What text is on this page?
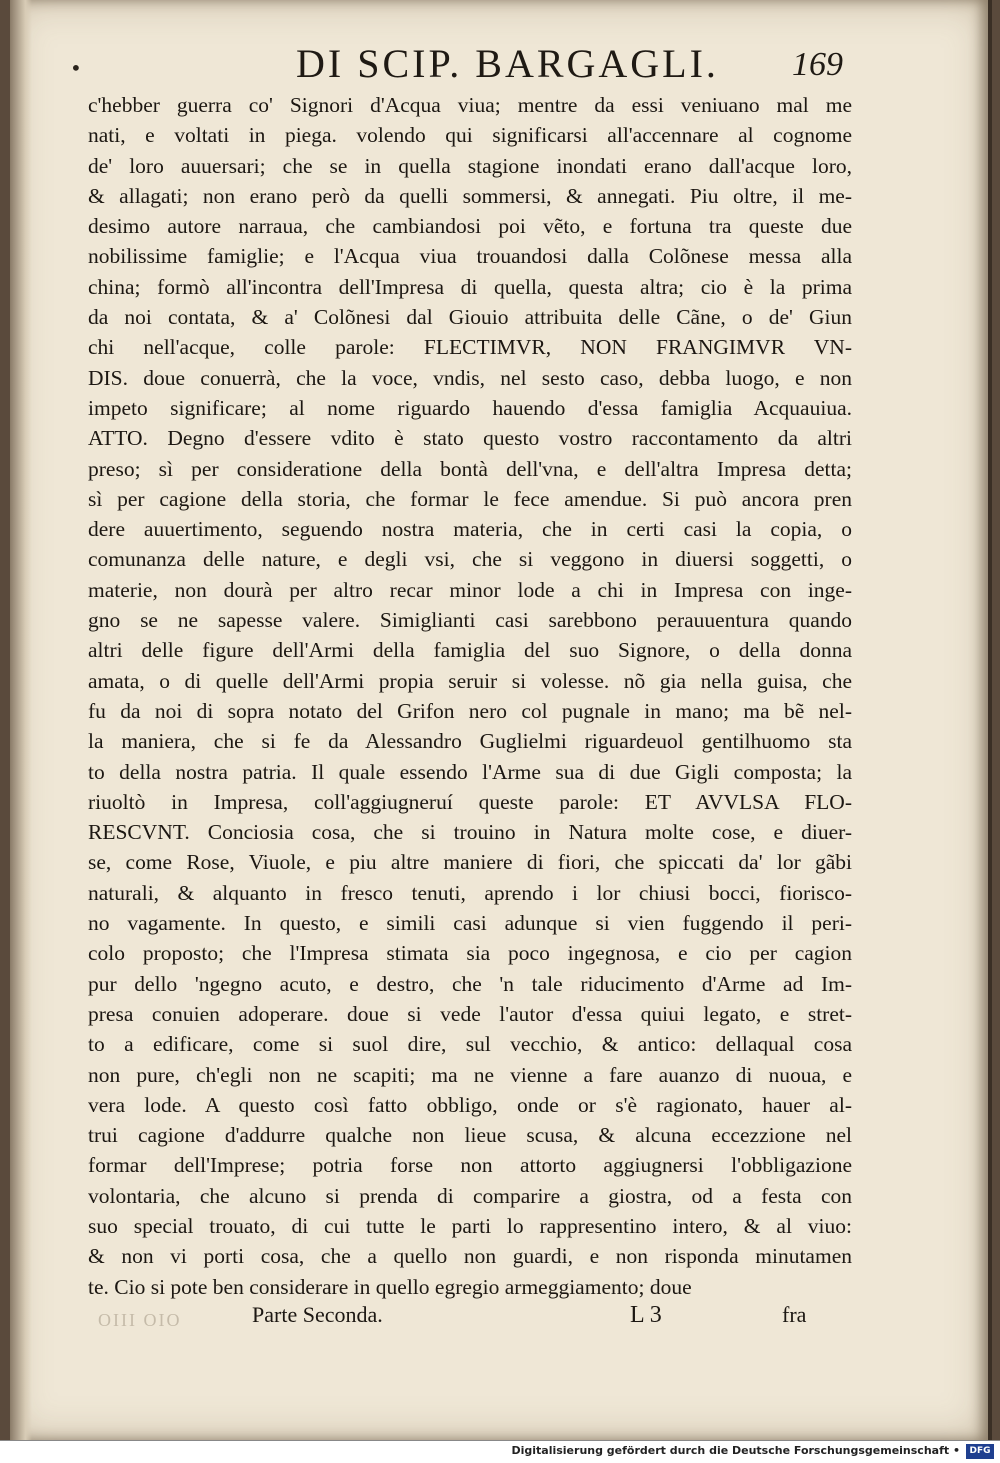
•	DI SCIP. BARGAGLI. 169
c'hebber guerra co' Signori d'Acqua viua; mentre da essi veniuano mal me
nati, e voltati in piega. volendo qui significarsi all'accennare al cognome
de' loro auuersari; che se in quella stagione inondati erano dall'acque loro,
& allagati; non erano però da quelli sommersi, & annegati. Piu oltre, il me-
desimo autore narraua, che cambiandosi poi vẽto, e fortuna tra queste due
nobilissime famiglie; e l'Acqua viua trouandosi dalla Colõnese messa alla
china; formò all'incontra dell'Impresa di quella, questa altra; cio è la prima
da noi contata, & a' Colõnesi dal Giouio attribuita delle Cãne, o de' Giun
chi nell'acque, colle parole: FLECTIMVR, NON FRANGIMVR VN-
DIS. doue conuerrà, che la voce, vndis, nel sesto caso, debba luogo, e non
impeto significare; al nome riguardo hauendo d'essa famiglia Acquauiua.
ATTO. Degno d'essere vdito è stato questo vostro raccontamento da altri
preso; sì per consideratione della bontà dell'vna, e dell'altra Impresa detta;
sì per cagione della storia, che formar le fece amendue. Si può ancora pren
dere auuertimento, seguendo nostra materia, che in certi casi la copia, o
comunanza delle nature, e degli vsi, che si veggono in diuersi soggetti, o
materie, non dourà per altro recar minor lode a chi in Impresa con inge-
gno se ne sapesse valere. Simiglianti casi sarebbono perauuentura quando
altri delle figure dell'Armi della famiglia del suo Signore, o della donna
amata, o di quelle dell'Armi propia seruir si volesse. nõ gia nella guisa, che
fu da noi di sopra notato del Grifon nero col pugnale in mano; ma bẽ nel-
la maniera, che si fe da Alessandro Guglielmi riguardeuol gentilhuomo sta
to della nostra patria. Il quale essendo l'Arme sua di due Gigli composta; la
riuoltò in Impresa, coll'aggiugneruí queste parole: ET AVVLSA FLO-
RESCVNT. Conciosia cosa, che si trouino in Natura molte cose, e diuer-
se, come Rose, Viuole, e piu altre maniere di fiori, che spiccati da' lor gãbi
naturali, & alquanto in fresco tenuti, aprendo i lor chiusi bocci, fiorisco-
no vagamente. In questo, e simili casi adunque si vien fuggendo il peri-
colo proposto; che l'Impresa stimata sia poco ingegnosa, e cio per cagion
pur dello 'ngegno acuto, e destro, che 'n tale riducimento d'Arme ad Im-
presa conuien adoperare. doue si vede l'autor d'essa quiui legato, e stret-
to a edificare, come si suol dire, sul vecchio, & antico: dellaqual cosa
non pure, ch'egli non ne scapiti; ma ne vienne a fare auanzo di nuoua, e
vera lode. A questo così fatto obbligo, onde or s'è ragionato, hauer al-
trui cagione d'addurre qualche non lieue scusa, & alcuna eccezzione nel
formar dell'Imprese; potria forse non attorto aggiugnersi l'obbligazione
volontaria, che alcuno si prenda di comparire a giostra, od a festa con
suo special trouato, di cui tutte le parti lo rappresentino intero, & al viuo:
& non vi porti cosa, che a quello non guardi, e non risponda minutamen
te. Cio si pote ben considerare in quello egregio armeggiamento; doue
OIII OIO	Parte Seconda.	L 3	fra
Digitalisierung gefördert durch die Deutsche Forschungsgemeinschaft •	DFG
